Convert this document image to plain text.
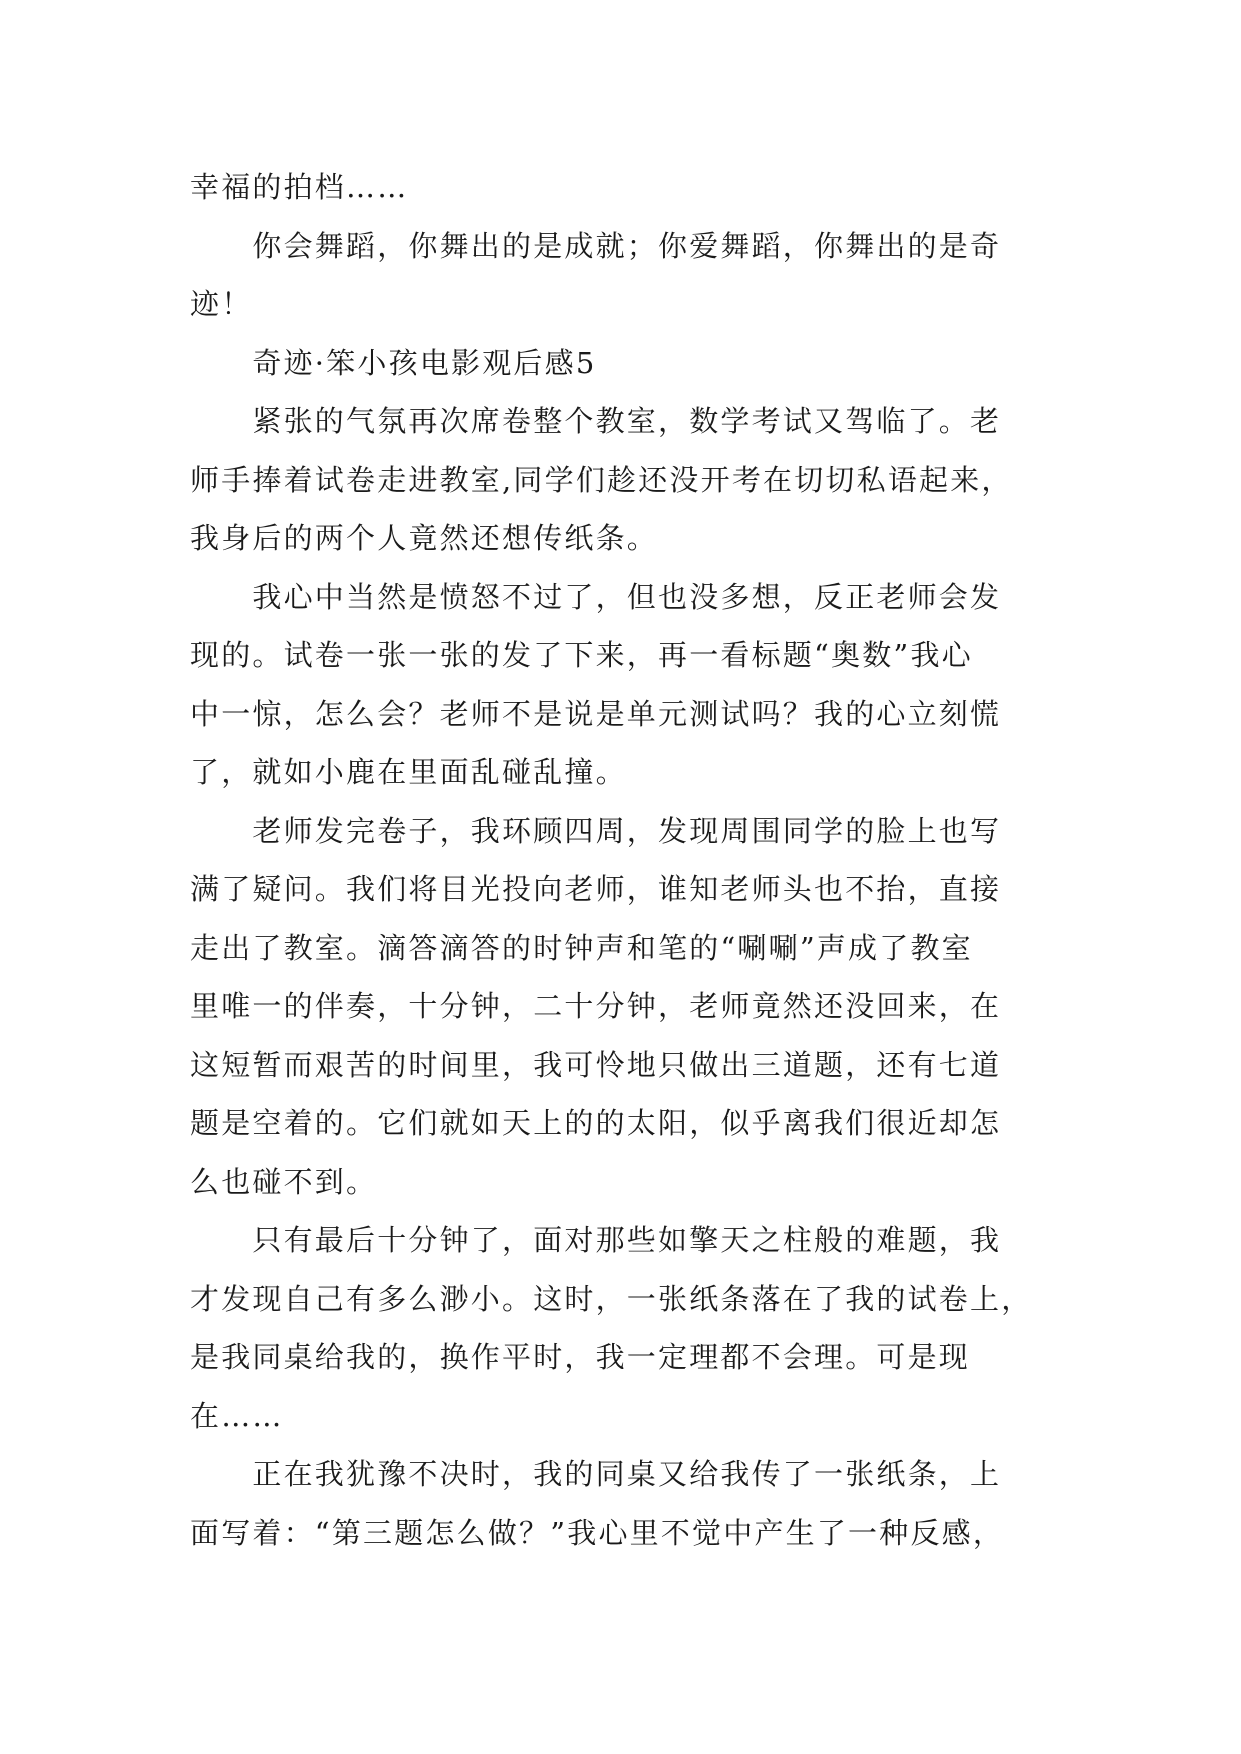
幸福的拍档……
　　你会舞蹈，你舞出的是成就；你爱舞蹈，你舞出的是奇
迹！
　　奇迹·笨小孩电影观后感5
　　紧张的气氛再次席卷整个教室，数学考试又驾临了。老
师手捧着试卷走进教室,同学们趁还没开考在切切私语起来，
我身后的两个人竟然还想传纸条。
　　我心中当然是愤怒不过了，但也没多想，反正老师会发
现的。试卷一张一张的发了下来，再一看标题“奥数”我心
中一惊，怎么会？老师不是说是单元测试吗？我的心立刻慌
了，就如小鹿在里面乱碰乱撞。
　　老师发完卷子，我环顾四周，发现周围同学的脸上也写
满了疑问。我们将目光投向老师，谁知老师头也不抬，直接
走出了教室。滴答滴答的时钟声和笔的“唰唰”声成了教室
里唯一的伴奏，十分钟，二十分钟，老师竟然还没回来，在
这短暂而艰苦的时间里，我可怜地只做出三道题，还有七道
题是空着的。它们就如天上的的太阳，似乎离我们很近却怎
么也碰不到。
　　只有最后十分钟了，面对那些如擎天之柱般的难题，我
才发现自己有多么渺小。这时，一张纸条落在了我的试卷上，
是我同桌给我的，换作平时，我一定理都不会理。可是现
在……
　　正在我犹豫不决时，我的同桌又给我传了一张纸条，上
面写着：“第三题怎么做？”我心里不觉中产生了一种反感，
